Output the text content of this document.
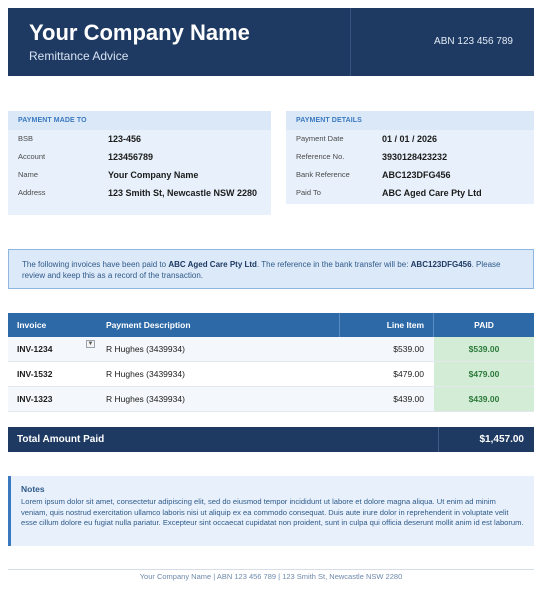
Your Company Name
Remittance Advice
ABN 123 456 789
PAYMENT MADE TO
BSB	123-456
Account	123456789
Name	Your Company Name
Address	123 Smith St, Newcastle NSW 2280
PAYMENT DETAILS
Payment Date	01 / 01 / 2026
Reference No.	3930128423232
Bank Reference	ABC123DFG456
Paid To	ABC Aged Care Pty Ltd
The following invoices have been paid to ABC Aged Care Pty Ltd. The reference in the bank transfer will be: ABC123DFG456. Please review and keep this as a record of the transaction.
Invoice	Payment Description	Line Item	PAID
INV-1234	▼ R Hughes (3439934)	$539.00	$539.00
INV-1532	R Hughes (3439934)	$479.00	$479.00
INV-1323	R Hughes (3439934)	$439.00	$439.00
Total Amount Paid	$1,457.00
Notes
Lorem ipsum dolor sit amet, consectetur adipiscing elit, sed do eiusmod tempor incididunt ut labore et dolore magna aliqua. Ut enim ad minim veniam, quis nostrud exercitation ullamco laboris nisi ut aliquip ex ea commodo consequat. Duis aute irure dolor in reprehenderit in voluptate velit esse cillum dolore eu fugiat nulla pariatur. Excepteur sint occaecat cupidatat non proident, sunt in culpa qui officia deserunt mollit anim id est laborum.
Your Company Name | ABN 123 456 789 | 123 Smith St, Newcastle NSW 2280
